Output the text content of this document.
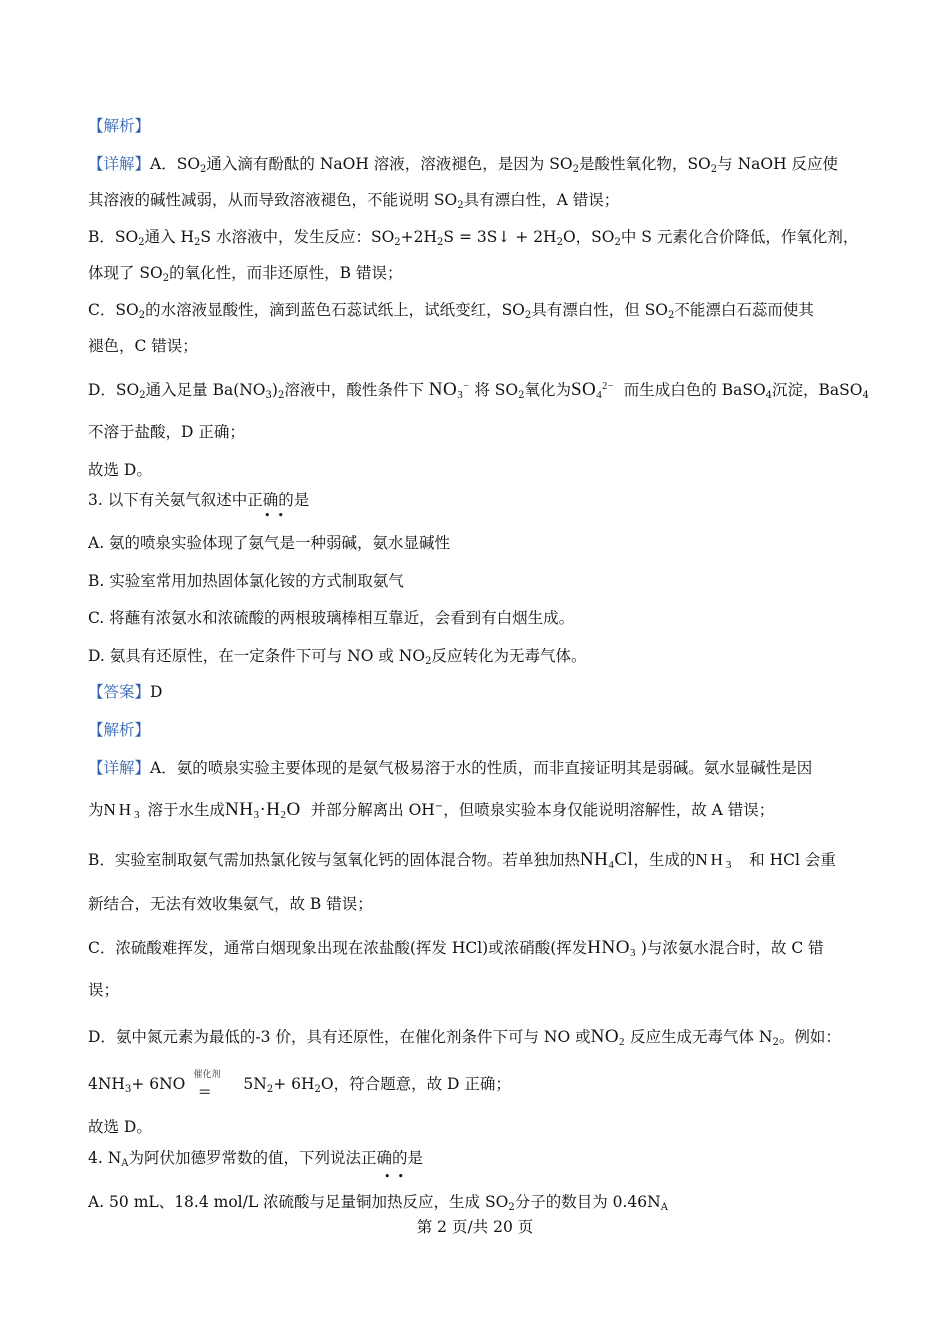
【解析】
【详解】A．$SO_2$通入滴有酚酞的 NaOH 溶液，溶液褪色，是因为 $SO_2$是酸性氧化物，$SO_2$与 NaOH 反应使
其溶液的碱性减弱，从而导致溶液褪色，不能说明 $SO_2$具有漂白性，A 错误；
B．$SO_2$通入 $H_2S$ 水溶液中，发生反应：$SO_2+2H_2S$ = 3S↓ + $2H_2O$，$SO_2$中 S 元素化合价降低，作氧化剂，
体现了 $SO_2$的氧化性，而非还原性，B 错误；
C．$SO_2$的水溶液显酸性，滴到蓝色石蕊试纸上，试纸变红，$SO_2$具有漂白性，但 $SO_2$不能漂白石蕊而使其
褪色，C 错误；
D．$SO_2$通入足量 $Ba(NO_3)_2$溶液中，酸性条件下 $NO_3^-$ 将 $SO_2$氧化为$SO_4^{2-}$ 而生成白色的 BaSO$_4$沉淀，BaSO$_4$
不溶于盐酸，D 正确；
故选 D。
3. 以下有关氨气叙述中正确的是
•  •
A. 氨的喷泉实验体现了氨气是一种弱碱，氨水显碱性
B. 实验室常用加热固体氯化铵的方式制取氨气
C. 将蘸有浓氨水和浓硫酸的两根玻璃棒相互靠近，会看到有白烟生成。
D. 氨具有还原性，在一定条件下可与 NO 或 $NO_2$反应转化为无毒气体。
【答案】D
【解析】
【详解】A．氨的喷泉实验主要体现的是氨气极易溶于水的性质，而非直接证明其是弱碱。氨水显碱性是因
为$NH_3$ 溶于水生成$NH_3\cdot H_2O$ 并部分解离出 OH−，但喷泉实验本身仅能说明溶解性，故 A 错误；
B．实验室制取氨气需加热氯化铵与氢氧化钙的固体混合物。若单独加热$NH_4Cl$，生成的$NH_3$ 和 HCl 会重
新结合，无法有效收集氨气，故 B 错误；
C．浓硫酸难挥发，通常白烟现象出现在浓盐酸(挥发 HCl)或浓硝酸(挥发$HNO_3$ )与浓氨水混合时，故 C 错
误；
D．氨中氮元素为最低的-3 价，具有还原性，在催化剂条件下可与 NO 或$NO_2$ 反应生成无毒气体 $N_2$。例如：
$4NH_3+ 6NO$	$5N_2+ 6H_2O$，符合题意，故 D 正确；
催化剂
=
故选 D。
4. $N_A$为阿伏加德罗常数的值，下列说法正确的是
•  •
A. 50 mL、18.4 mol/L 浓硫酸与足量铜加热反应，生成 $SO_2$分子的数目为 $0.46N_A$
第 2 页/共 20 页
